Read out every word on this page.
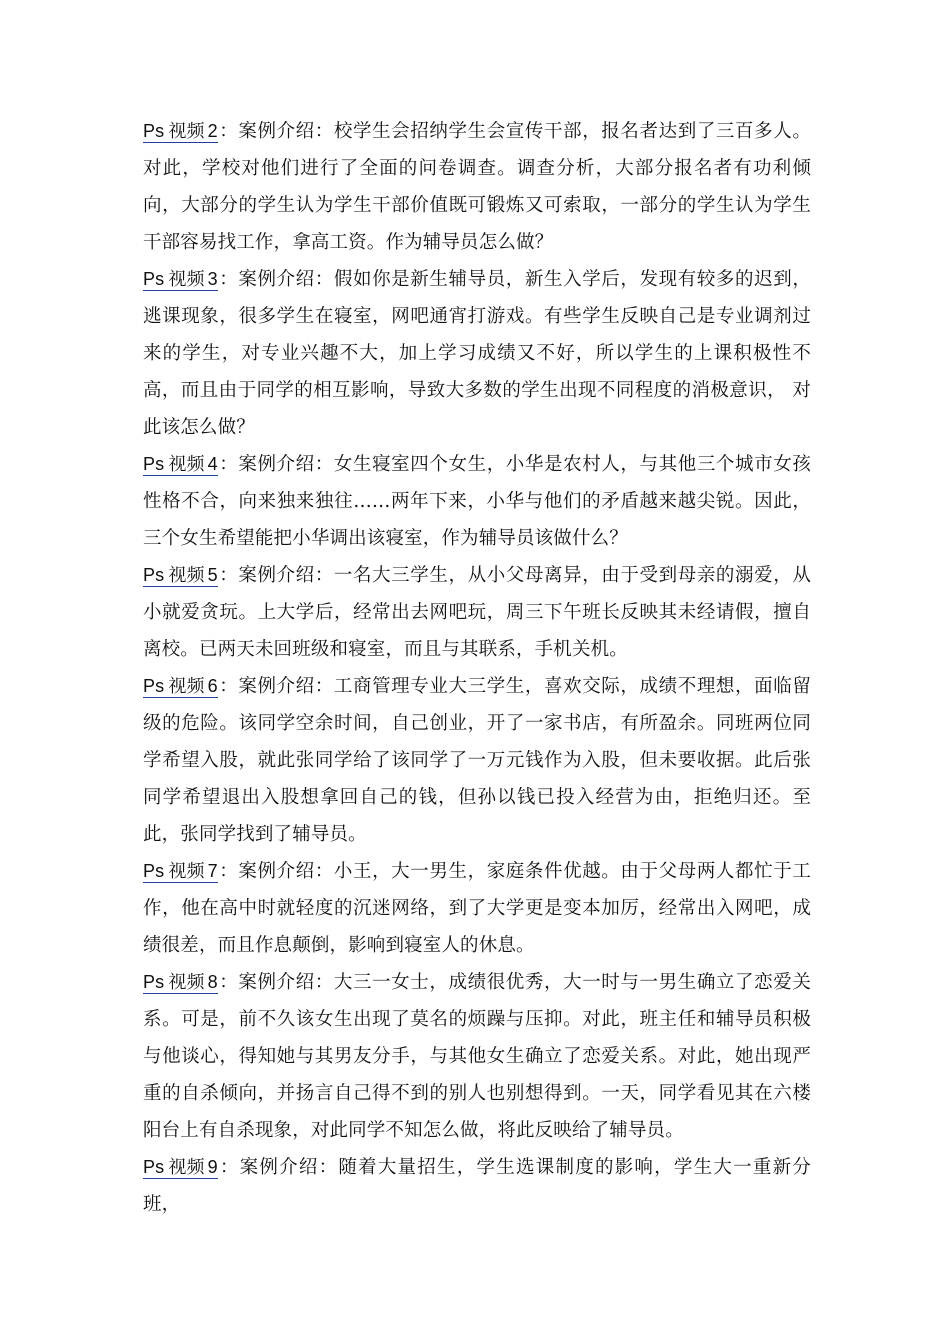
Ps 视频 2：案例介绍：校学生会招纳学生会宣传干部，报名者达到了三百多人。对此，学校对他们进行了全面的问卷调查。调查分析，大部分报名者有功利倾向，大部分的学生认为学生干部价值既可锻炼又可索取，一部分的学生认为学生干部容易找工作，拿高工资。作为辅导员怎么做？

Ps 视频 3：案例介绍：假如你是新生辅导员，新生入学后，发现有较多的迟到，逃课现象，很多学生在寝室，网吧通宵打游戏。有些学生反映自己是专业调剂过来的学生，对专业兴趣不大，加上学习成绩又不好，所以学生的上课积极性不高，而且由于同学的相互影响，导致大多数的学生出现不同程度的消极意识， 对此该怎么做？

Ps 视频 4：案例介绍：女生寝室四个女生，小华是农村人，与其他三个城市女孩性格不合，向来独来独往……两年下来，小华与他们的矛盾越来越尖锐。因此，三个女生希望能把小华调出该寝室，作为辅导员该做什么？

Ps 视频 5：案例介绍：一名大三学生，从小父母离异，由于受到母亲的溺爱，从小就爱贪玩。上大学后，经常出去网吧玩，周三下午班长反映其未经请假，擅自离校。已两天未回班级和寝室，而且与其联系，手机关机。

Ps 视频 6：案例介绍：工商管理专业大三学生，喜欢交际，成绩不理想，面临留级的危险。该同学空余时间，自己创业，开了一家书店，有所盈余。同班两位同学希望入股，就此张同学给了该同学了一万元钱作为入股，但未要收据。此后张同学希望退出入股想拿回自己的钱，但孙以钱已投入经营为由，拒绝归还。至此，张同学找到了辅导员。

Ps 视频 7：案例介绍：小王，大一男生，家庭条件优越。由于父母两人都忙于工作，他在高中时就轻度的沉迷网络，到了大学更是变本加厉，经常出入网吧，成绩很差，而且作息颠倒，影响到寝室人的休息。

Ps 视频 8：案例介绍：大三一女士，成绩很优秀，大一时与一男生确立了恋爱关系。可是，前不久该女生出现了莫名的烦躁与压抑。对此，班主任和辅导员积极与他谈心，得知她与其男友分手，与其他女生确立了恋爱关系。对此，她出现严重的自杀倾向，并扬言自己得不到的别人也别想得到。一天，同学看见其在六楼阳台上有自杀现象，对此同学不知怎么做，将此反映给了辅导员。

Ps 视频 9：案例介绍：随着大量招生，学生选课制度的影响，学生大一重新分班，
